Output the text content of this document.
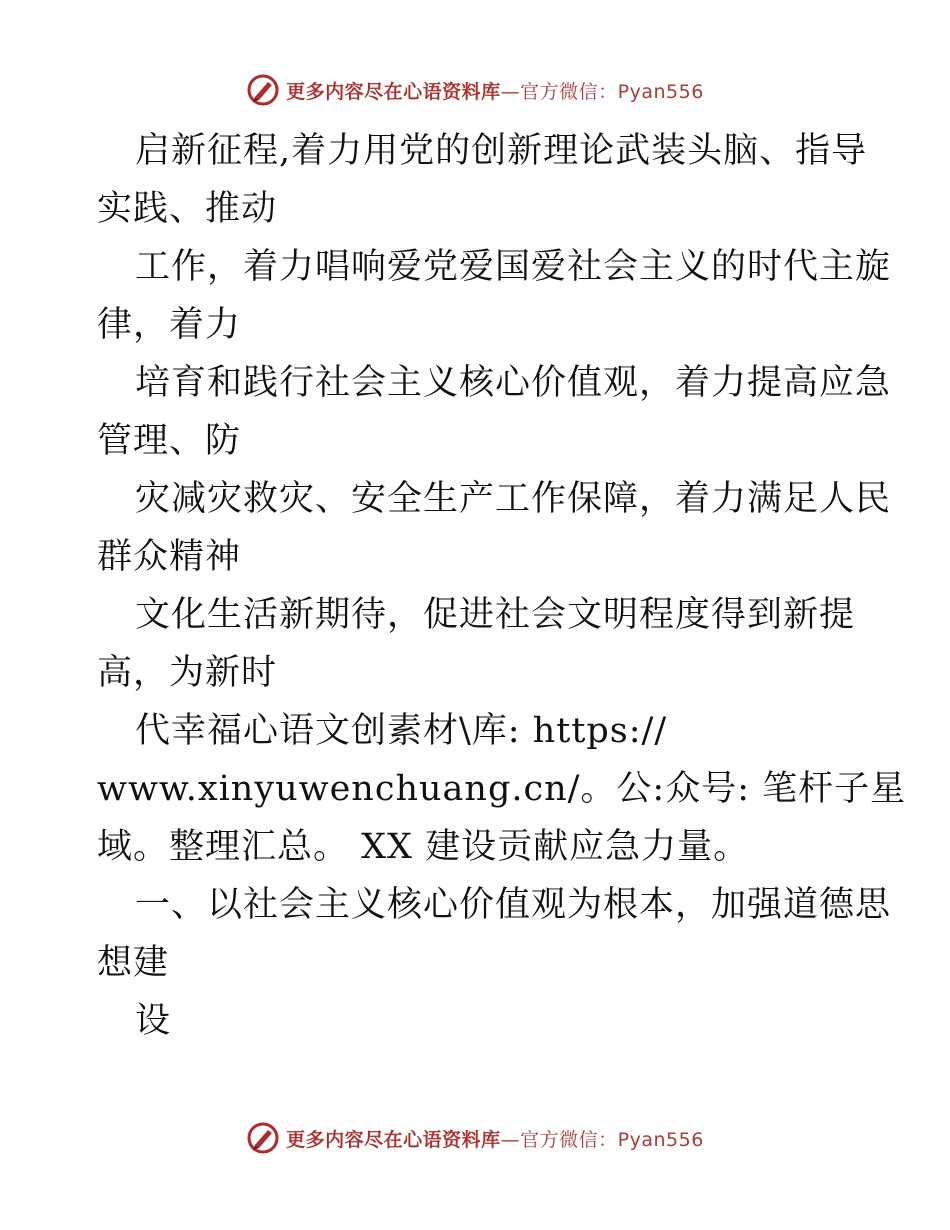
更多内容尽在心语资料库—官方微信：Pyan556
启新征程,着力用党的创新理论武装头脑、指导
实践、推动
工作，着力唱响爱党爱国爱社会主义的时代主旋
律，着力
培育和践行社会主义核心价值观，着力提高应急
管理、防
灾减灾救灾、安全生产工作保障，着力满足人民
群众精神
文化生活新期待，促进社会文明程度得到新提
高，为新时
代幸福心语文创素材\库: https://
www.xinyuwenchuang.cn/。公:众号: 笔杆子星
域。整理汇总。 XX 建设贡献应急力量。
一、以社会主义核心价值观为根本，加强道德思
想建
设
更多内容尽在心语资料库—官方微信：Pyan556
